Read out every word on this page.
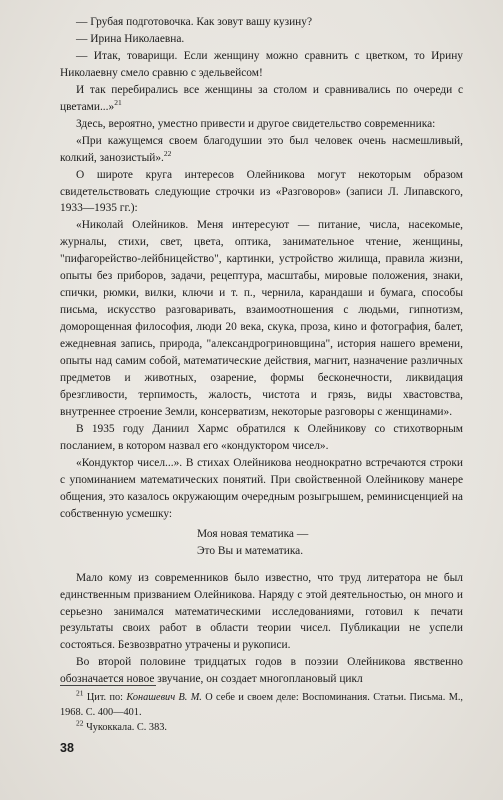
— Грубая подготовочка. Как зовут вашу кузину?

— Ирина Николаевна.

— Итак, товарищи. Если женщину можно сравнить с цветком, то Ирину Николаевну смело сравню с эдельвейсом!

И так перебирались все женщины за столом и сравнивались по очереди с цветами...»$^{21}$

Здесь, вероятно, уместно привести и другое свидетельство современника:

«При кажущемся своем благодушии это был человек очень насмешливый, колкий, занозистый».$^{22}$

О широте круга интересов Олейникова могут некоторым образом свидетельствовать следующие строчки из «Разговоров» (записи Л. Липавского, 1933—1935 гг.):

«Николай Олейников. Меня интересуют — питание, числа, насекомые, журналы, стихи, свет, цвета, оптика, занимательное чтение, женщины, "пифагорейство-лейбницейство", картинки, устройство жилища, правила жизни, опыты без приборов, задачи, рецептура, масштабы, мировые положения, знаки, спички, рюмки, вилки, ключи и т. п., чернила, карандаши и бумага, способы письма, искусство разговаривать, взаимоотношения с людьми, гипнотизм, доморощенная философия, люди 20 века, скука, проза, кино и фотография, балет, ежедневная запись, природа, "александрогриновщина", история нашего времени, опыты над самим собой, математические действия, магнит, назначение различных предметов и животных, озарение, формы бесконечности, ликвидация брезгливости, терпимость, жалость, чистота и грязь, виды хвастовства, внутреннее строение Земли, консерватизм, некоторые разговоры с женщинами».

В 1935 году Даниил Хармс обратился к Олейникову со стихотворным посланием, в котором назвал его «кондуктором чисел».

«Кондуктор чисел...». В стихах Олейникова неоднократно встречаются строки с упоминанием математических понятий. При свойственной Олейникову манере общения, это казалось окружающим очередным розыгрышем, реминисценцией на собственную усмешку:

Моя новая тематика —
Это Вы и математика.

Мало кому из современников было известно, что труд литератора не был единственным призванием Олейникова. Наряду с этой деятельностью, он много и серьезно занимался математическими исследованиями, готовил к печати результаты своих работ в области теории чисел. Публикации не успели состояться. Безвозвратно утрачены и рукописи.

Во второй половине тридцатых годов в поэзии Олейникова явственно обозначается новое звучание, он создает многоплановый цикл

$^{21}$ Цит. по: Конашевич В. М. О себе и своем деле: Воспоминания. Статьи. Письма. М., 1968. С. 400—401.

$^{22}$ Чукоккала. С. 383.

38
